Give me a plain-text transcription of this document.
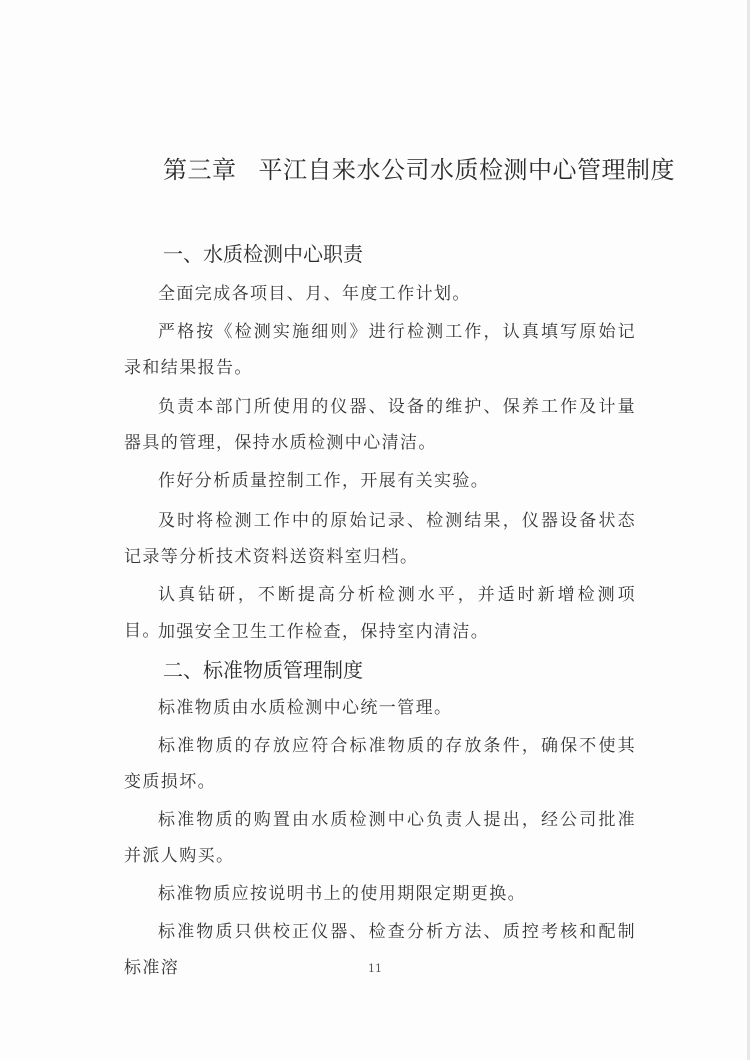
第三章 平江自来水公司水质检测中心管理制度
一、水质检测中心职责
全面完成各项目、月、年度工作计划。
严格按《检测实施细则》进行检测工作，认真填写原始记录和结果报告。
负责本部门所使用的仪器、设备的维护、保养工作及计量器具的管理，保持水质检测中心清洁。
作好分析质量控制工作，开展有关实验。
及时将检测工作中的原始记录、检测结果，仪器设备状态记录等分析技术资料送资料室归档。
认真钻研，不断提高分析检测水平，并适时新增检测项目。
加强安全卫生工作检查，保持室内清洁。
二、标准物质管理制度
标准物质由水质检测中心统一管理。
标准物质的存放应符合标准物质的存放条件，确保不使其变质损坏。
标准物质的购置由水质检测中心负责人提出，经公司批准并派人购买。
标准物质应按说明书上的使用期限定期更换。
标准物质只供校正仪器、检查分析方法、质控考核和配制标准溶	11
